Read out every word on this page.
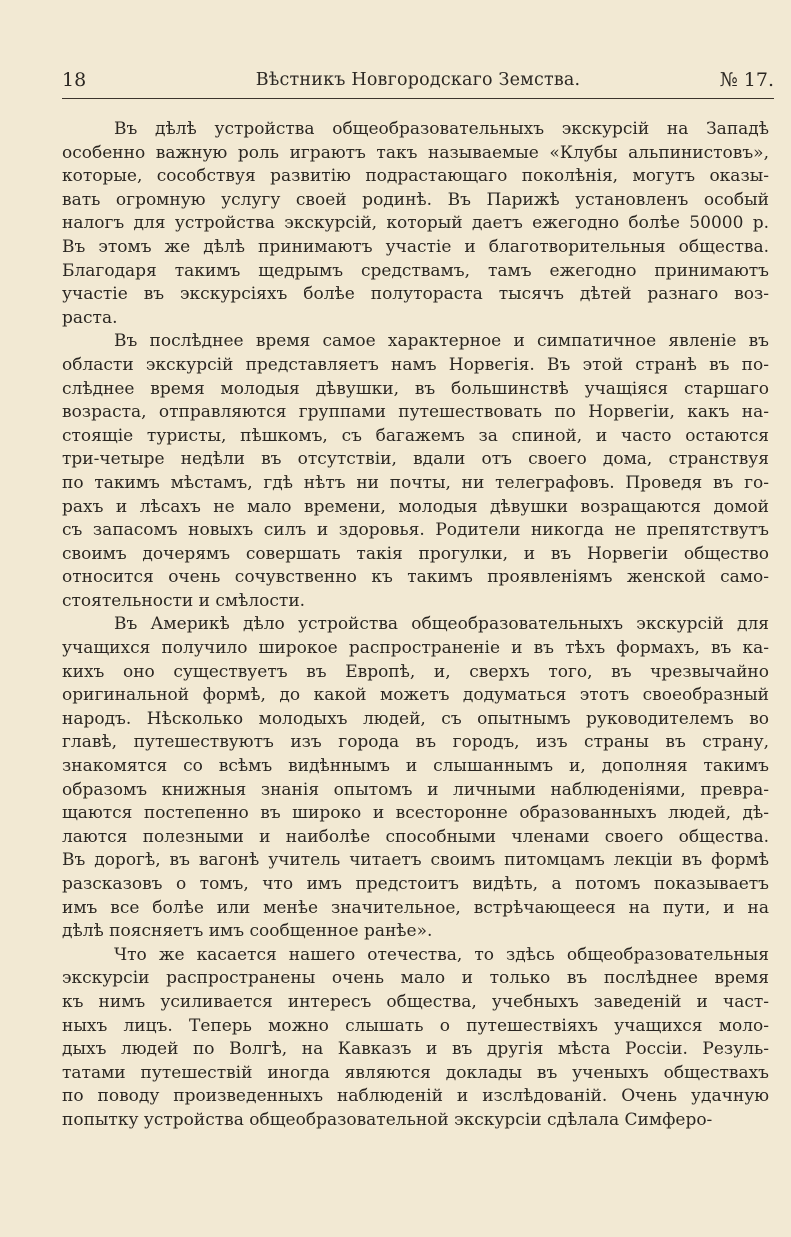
18	Вѣстникъ Новгородскаго Земства.	№ 17.
Въ дѣлѣ устройства общеобразовательныхъ экскурсій на Западѣ
особенно важную роль играютъ такъ называемые «Клубы альпинистовъ»,
которые, сособствуя развитію подрастающаго поколѣнія, могутъ оказы-
вать огромную услугу своей родинѣ. Въ Парижѣ установленъ особый
налогъ для устройства экскурсій, который даетъ ежегодно болѣе 50000 р.
Въ этомъ же дѣлѣ принимаютъ участіе и благотворительныя общества.
Благодаря такимъ щедрымъ средствамъ, тамъ ежегодно принимаютъ
участіе въ экскурсіяхъ болѣе полутораста тысячъ дѣтей разнаго воз-
раста.
Въ послѣднее время самое характерное и симпатичное явленіе въ
области экскурсій представляетъ намъ Норвегія. Въ этой странѣ въ по-
слѣднее время молодыя дѣвушки, въ большинствѣ учащіяся старшаго
возраста, отправляются группами путешествовать по Норвегіи, какъ на-
стоящіе туристы, пѣшкомъ, съ багажемъ за спиной, и часто остаются
три-четыре недѣли въ отсутствіи, вдали отъ своего дома, странствуя
по такимъ мѣстамъ, гдѣ нѣтъ ни почты, ни телеграфовъ. Проведя въ го-
рахъ и лѣсахъ не мало времени, молодыя дѣвушки возращаются домой
съ запасомъ новыхъ силъ и здоровья. Родители никогда не препятствутъ
своимъ дочерямъ совершать такія прогулки, и въ Норвегіи общество
относится очень сочувственно къ такимъ проявленіямъ женской само-
стоятельности и смѣлости.
Въ Америкѣ дѣло устройства общеобразовательныхъ экскурсій для
учащихся получило широкое распространеніе и въ тѣхъ формахъ, въ ка-
кихъ оно существуетъ въ Европѣ, и, сверхъ того, въ чрезвычайно
оригинальной формѣ, до какой можетъ додуматься этотъ своеобразный
народъ. Нѣсколько молодыхъ людей, съ опытнымъ руководителемъ во
главѣ, путешествуютъ изъ города въ городъ, изъ страны въ страну,
знакомятся со всѣмъ видѣннымъ и слышаннымъ и, дополняя такимъ
образомъ книжныя знанія опытомъ и личными наблюденіями, превра-
щаются постепенно въ широко и всесторонне образованныхъ людей, дѣ-
лаются полезными и наиболѣе способными членами своего общества.
Въ дорогѣ, въ вагонѣ учитель читаетъ своимъ питомцамъ лекціи въ формѣ
разсказовъ о томъ, что имъ предстоитъ видѣть, а потомъ показываетъ
имъ все болѣе или менѣе значительное, встрѣчающееся на пути, и на
дѣлѣ поясняетъ имъ сообщенное ранѣе».
Что же касается нашего отечества, то здѣсь общеобразовательныя
экскурсіи распространены очень мало и только въ послѣднее время
къ нимъ усиливается интересъ общества, учебныхъ заведеній и част-
ныхъ лицъ. Теперь можно слышать о путешествіяхъ учащихся моло-
дыхъ людей по Волгѣ, на Кавказъ и въ другія мѣста Россіи. Резуль-
татами путешествій иногда являются доклады въ ученыхъ обществахъ
по поводу произведенныхъ наблюденій и изслѣдованій. Очень удачную
попытку устройства общеобразовательной экскурсіи сдѣлала Симферо-
